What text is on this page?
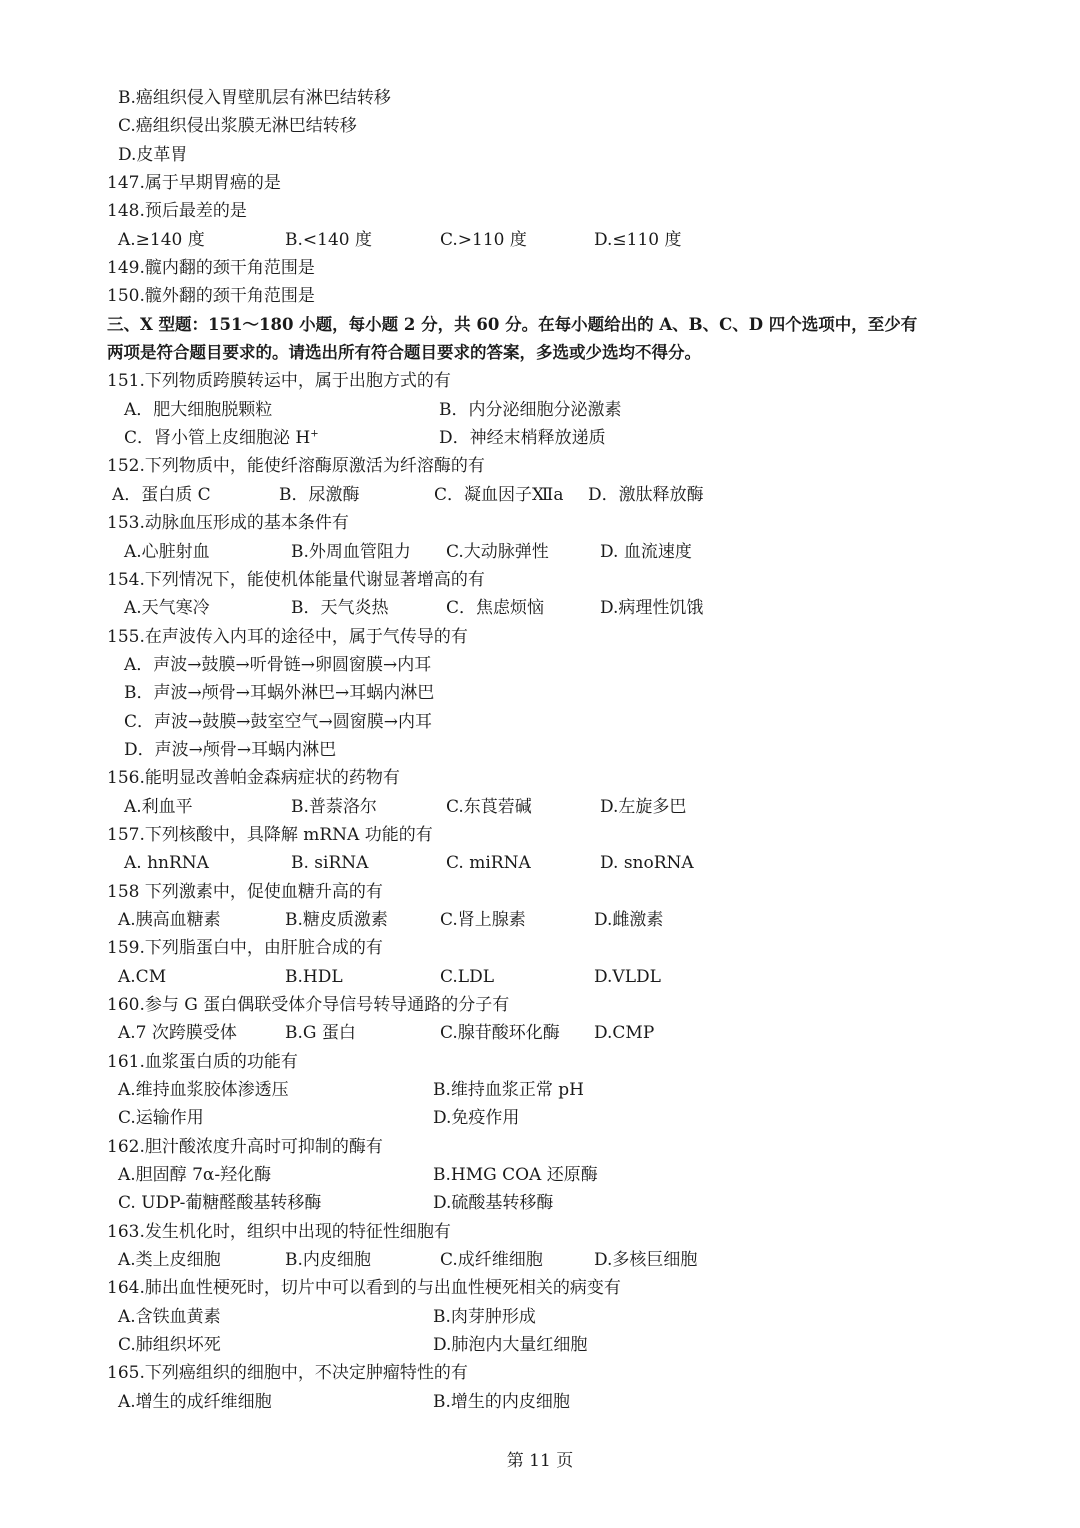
B.癌组织侵入胃壁肌层有淋巴结转移
C.癌组织侵出浆膜无淋巴结转移
D.皮革胃
147.属于早期胃癌的是
148.预后最差的是
A.≥140 度	B.<140 度	C.>110 度	D.≤110 度
149.髋内翻的颈干角范围是
150.髋外翻的颈干角范围是
三、X 型题：151～180 小题，每小题 2 分，共 60 分。在每小题给出的 A、B、C、D 四个选项中，至少有
两项是符合题目要求的。请选出所有符合题目要求的答案，多选或少选均不得分。
151.下列物质跨膜转运中，属于出胞方式的有
A．肥大细胞脱颗粒	B．内分泌细胞分泌激素
C．肾小管上皮细胞泌 H+	D．神经末梢释放递质
152.下列物质中，能使纤溶酶原激活为纤溶酶的有
A．蛋白质 C	B．尿激酶	C．凝血因子Ⅻa D．激肽释放酶
153.动脉血压形成的基本条件有
A.心脏射血	B.外周血管阻力 C.大动脉弹性	D. 血流速度
154.下列情况下，能使机体能量代谢显著增高的有
A.天气寒冷	B．天气炎热	C．焦虑烦恼	D.病理性饥饿
155.在声波传入内耳的途径中，属于气传导的有
A．声波→鼓膜→听骨链→卵圆窗膜→内耳
B．声波→颅骨→耳蜗外淋巴→耳蜗内淋巴
C．声波→鼓膜→鼓室空气→圆窗膜→内耳
D．声波→颅骨→耳蜗内淋巴
156.能明显改善帕金森病症状的药物有
A.利血平	B.普萘洛尔	C.东莨菪碱	D.左旋多巴
157.下列核酸中，具降解 mRNA 功能的有
A. hnRNA	B. siRNA	C. miRNA	D. snoRNA
158 下列激素中，促使血糖升高的有
A.胰高血糖素	B.糖皮质激素	C.肾上腺素	D.雌激素
159.下列脂蛋白中，由肝脏合成的有
A.CM	B.HDL	C.LDL	D.VLDL
160.参与 G 蛋白偶联受体介导信号转导通路的分子有
A.7 次跨膜受体	B.G 蛋白	C.腺苷酸环化酶 D.CMP
161.血浆蛋白质的功能有
A.维持血浆胶体渗透压	B.维持血浆正常 pH
C.运输作用	D.免疫作用
162.胆汁酸浓度升高时可抑制的酶有
A.胆固醇 7α-羟化酶	B.HMG COA 还原酶
C. UDP-葡糖醛酸基转移酶	D.硫酸基转移酶
163.发生机化时，组织中出现的特征性细胞有
A.类上皮细胞	B.内皮细胞	C.成纤维细胞	D.多核巨细胞
164.肺出血性梗死时，切片中可以看到的与出血性梗死相关的病变有
A.含铁血黄素	B.肉芽肿形成
C.肺组织坏死	D.肺泡内大量红细胞
165.下列癌组织的细胞中，不决定肿瘤特性的有
A.增生的成纤维细胞	B.增生的内皮细胞
第 11 页
